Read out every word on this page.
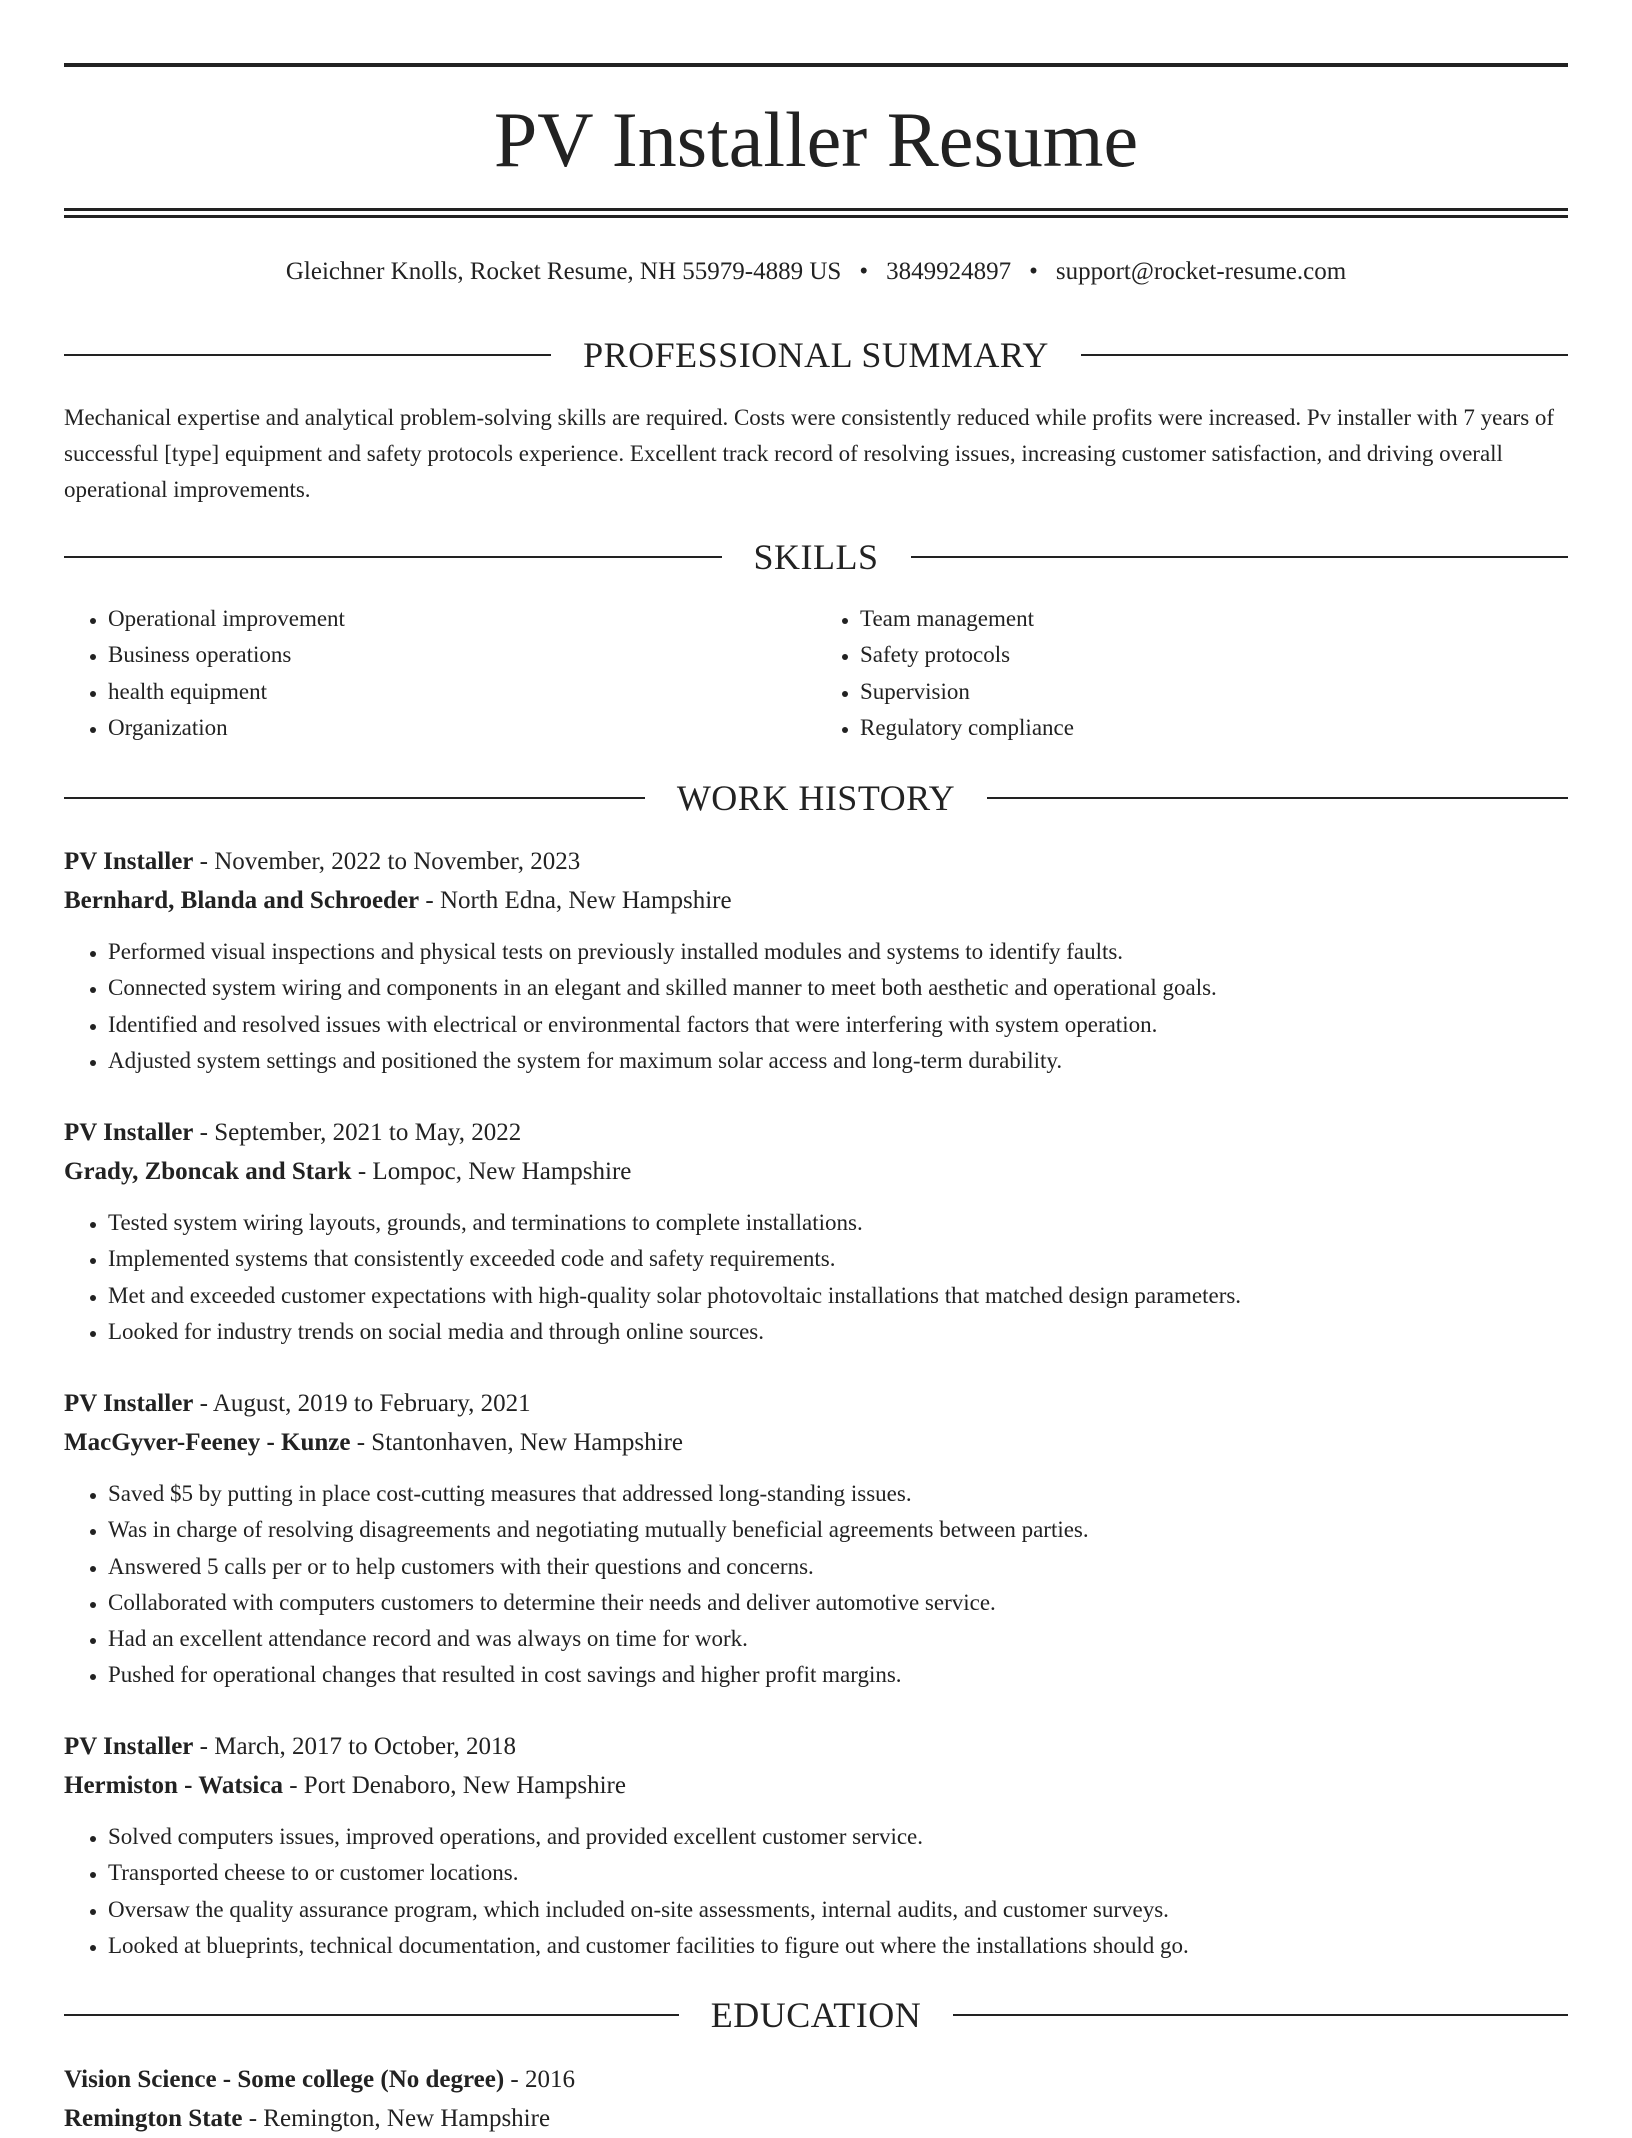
PV Installer Resume
Gleichner Knolls, Rocket Resume, NH 55979-4889 US • 3849924897 • support@rocket-resume.com
PROFESSIONAL SUMMARY

Mechanical expertise and analytical problem-solving skills are required. Costs were consistently reduced while profits were increased. Pv installer with 7 years of successful [type] equipment and safety protocols experience. Excellent track record of resolving issues, increasing customer satisfaction, and driving overall operational improvements.

SKILLS
• Operational improvement
• Business operations
• health equipment
• Organization
• Team management
• Safety protocols
• Supervision
• Regulatory compliance
WORK HISTORY
PV Installer - November, 2022 to November, 2023
Bernhard, Blanda and Schroeder - North Edna, New Hampshire
• Performed visual inspections and physical tests on previously installed modules and systems to identify faults.
• Connected system wiring and components in an elegant and skilled manner to meet both aesthetic and operational goals.
• Identified and resolved issues with electrical or environmental factors that were interfering with system operation.
• Adjusted system settings and positioned the system for maximum solar access and long-term durability.
PV Installer - September, 2021 to May, 2022
Grady, Zboncak and Stark - Lompoc, New Hampshire
• Tested system wiring layouts, grounds, and terminations to complete installations.
• Implemented systems that consistently exceeded code and safety requirements.
• Met and exceeded customer expectations with high-quality solar photovoltaic installations that matched design parameters.
• Looked for industry trends on social media and through online sources.
PV Installer - August, 2019 to February, 2021
MacGyver-Feeney - Kunze - Stantonhaven, New Hampshire
• Saved $5 by putting in place cost-cutting measures that addressed long-standing issues.
• Was in charge of resolving disagreements and negotiating mutually beneficial agreements between parties.
• Answered 5 calls per or to help customers with their questions and concerns.
• Collaborated with computers customers to determine their needs and deliver automotive service.
• Had an excellent attendance record and was always on time for work.
• Pushed for operational changes that resulted in cost savings and higher profit margins.
PV Installer - March, 2017 to October, 2018
Hermiston - Watsica - Port Denaboro, New Hampshire
• Solved computers issues, improved operations, and provided excellent customer service.
• Transported cheese to or customer locations.
• Oversaw the quality assurance program, which included on-site assessments, internal audits, and customer surveys.
• Looked at blueprints, technical documentation, and customer facilities to figure out where the installations should go.
EDUCATION
Vision Science - Some college (No degree) - 2016
Remington State - Remington, New Hampshire
